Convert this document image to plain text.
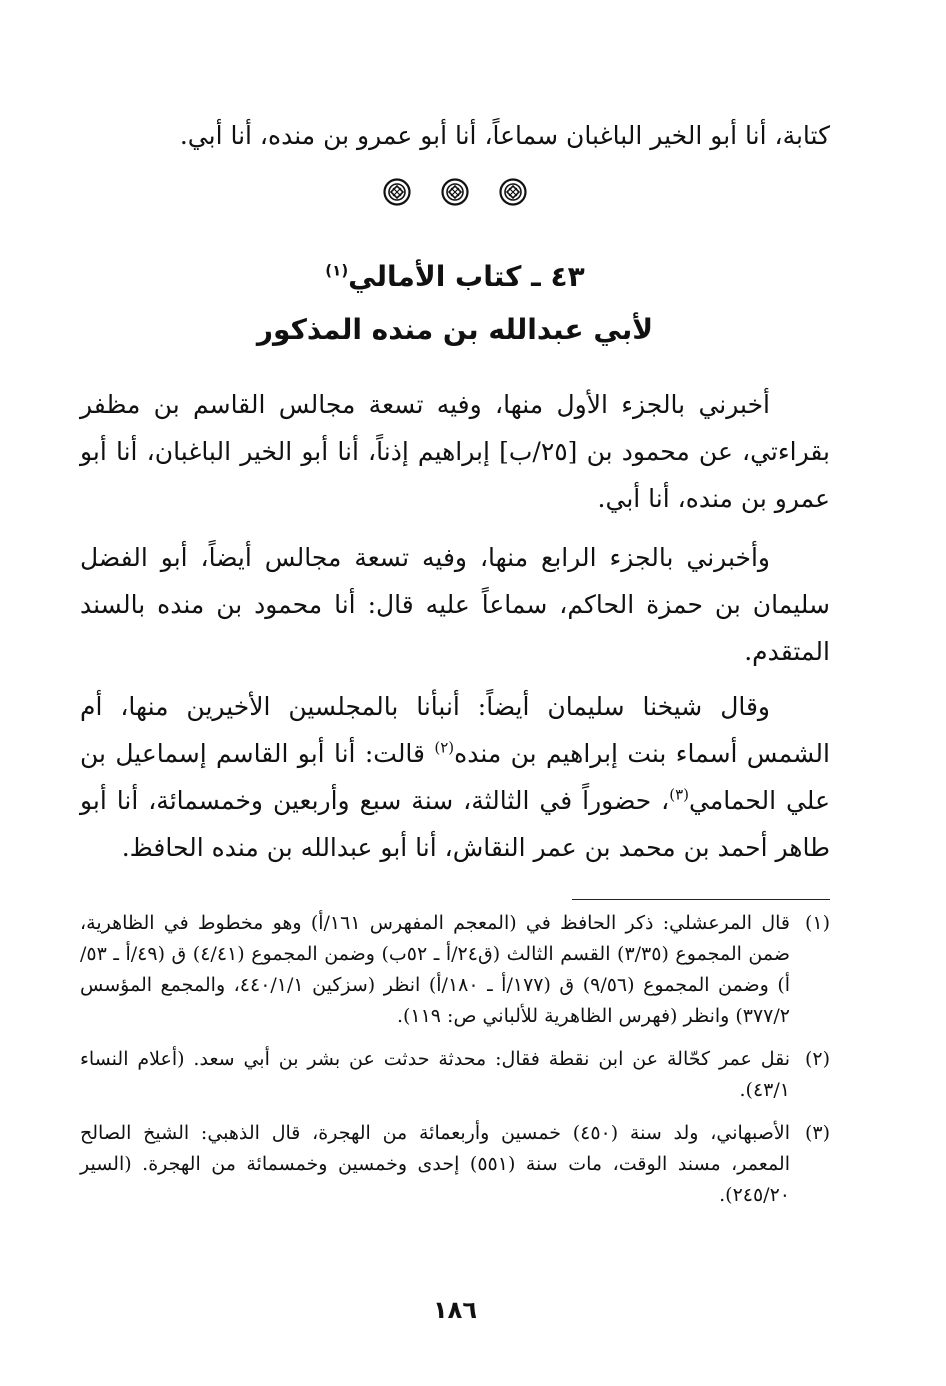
كتابة، أنا أبو الخير الباغبان سماعاً، أنا أبو عمرو بن منده، أنا أبي.
٤٣ ـ كتاب الأمالي$^{(١)}$
لأبي عبدالله بن منده المذكور

أخبرني بالجزء الأول منها، وفيه تسعة مجالس القاسم بن مظفر بقراءتي، عن محمود بن [٢٥/ب] إبراهيم إذناً، أنا أبو الخير الباغبان، أنا أبو عمرو بن منده، أنا أبي.

وأخبرني بالجزء الرابع منها، وفيه تسعة مجالس أيضاً، أبو الفضل سليمان بن حمزة الحاكم، سماعاً عليه قال: أنا محمود بن منده بالسند المتقدم.

وقال شيخنا سليمان أيضاً: أنبأنا بالمجلسين الأخيرين منها، أم الشمس أسماء بنت إبراهيم بن منده$^{(٢)}$ قالت: أنا أبو القاسم إسماعيل بن علي الحمامي$^{(٣)}$، حضوراً في الثالثة، سنة سبع وأربعين وخمسمائة، أنا أبو طاهر أحمد بن محمد بن عمر النقاش، أنا أبو عبدالله بن منده الحافظ.

(١)
قال المرعشلي: ذكر الحافظ في (المعجم المفهرس ١٦١/أ) وهو مخطوط في الظاهرية، ضمن المجموع (٣/٣٥) القسم الثالث (ق٢٤/أ ـ ٥٢ب) وضمن المجموع (٤/٤١) ق (٤٩/أ ـ ٥٣/أ) وضمن المجموع (٩/٥٦) ق (١٧٧/أ ـ ١٨٠/أ) انظر (سزكين ٤٤٠/١/١، والمجمع المؤسس ٣٧٧/٢) وانظر (فهرس الظاهرية للألباني ص: ١١٩).
(٢)
نقل عمر كحّالة عن ابن نقطة فقال: محدثة حدثت عن بشر بن أبي سعد. (أعلام النساء ٤٣/١).
(٣)
الأصبهاني، ولد سنة (٤٥٠) خمسين وأربعمائة من الهجرة، قال الذهبي: الشيخ الصالح المعمر، مسند الوقت، مات سنة (٥٥١) إحدى وخمسين وخمسمائة من الهجرة. (السير ٢٤٥/٢٠).
١٨٦
